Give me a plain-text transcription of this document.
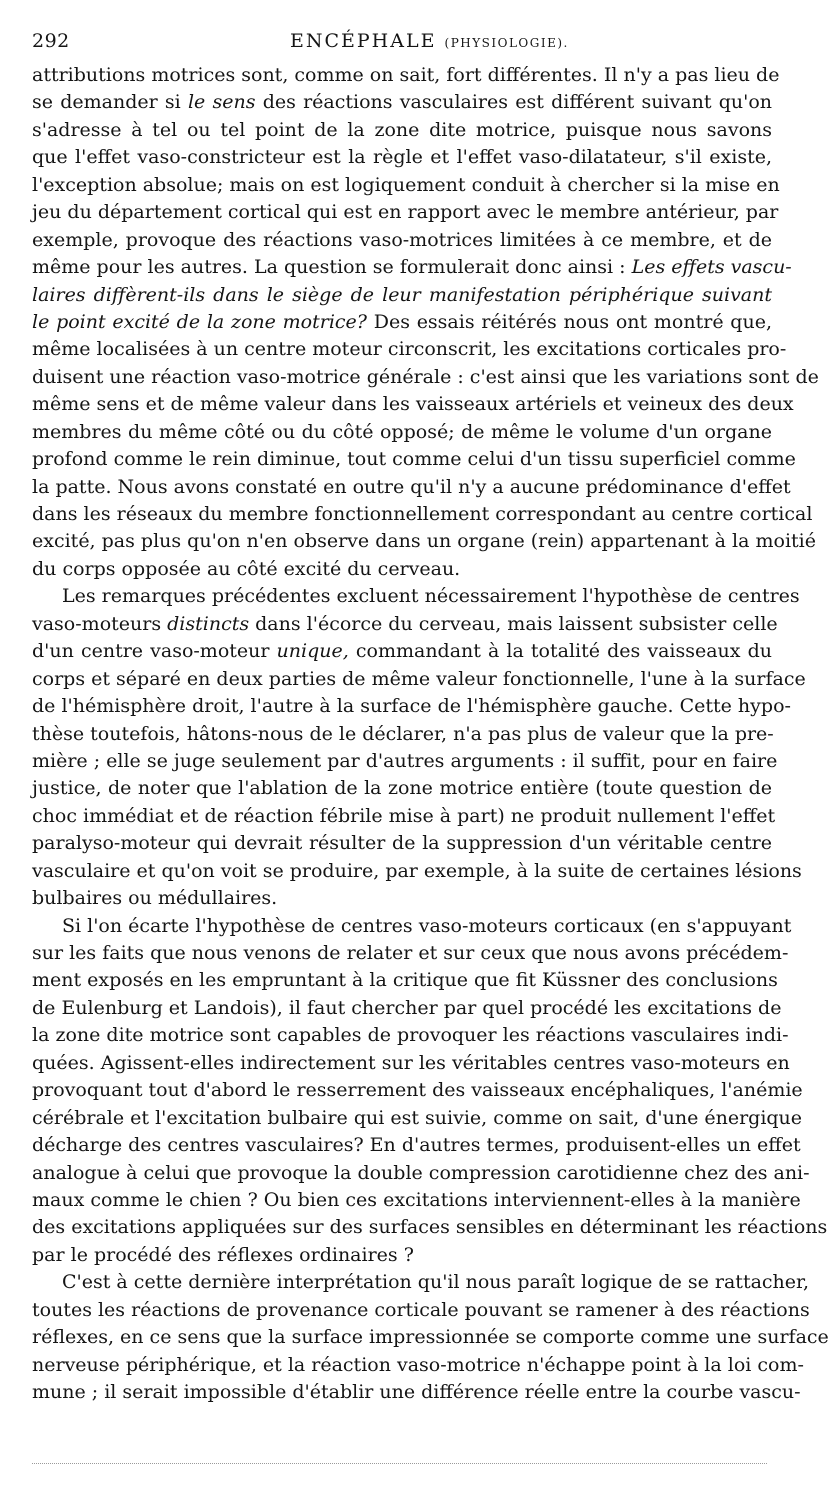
292	ENCÉPHALE (PHYSIOLOGIE).
attributions motrices sont, comme on sait, fort différentes. Il n'y a pas lieu de
se demander si le sens des réactions vasculaires est différent suivant qu'on
s'adresse à tel ou tel point de la zone dite motrice, puisque nous savons
que l'effet vaso-constricteur est la règle et l'effet vaso-dilatateur, s'il existe,
l'exception absolue; mais on est logiquement conduit à chercher si la mise en
jeu du département cortical qui est en rapport avec le membre antérieur, par
exemple, provoque des réactions vaso-motrices limitées à ce membre, et de
même pour les autres. La question se formulerait donc ainsi : Les effets vascu-
laires diffèrent-ils dans le siège de leur manifestation périphérique suivant
le point excité de la zone motrice? Des essais réitérés nous ont montré que,
même localisées à un centre moteur circonscrit, les excitations corticales pro-
duisent une réaction vaso-motrice générale : c'est ainsi que les variations sont de
même sens et de même valeur dans les vaisseaux artériels et veineux des deux
membres du même côté ou du côté opposé; de même le volume d'un organe
profond comme le rein diminue, tout comme celui d'un tissu superficiel comme
la patte. Nous avons constaté en outre qu'il n'y a aucune prédominance d'effet
dans les réseaux du membre fonctionnellement correspondant au centre cortical
excité, pas plus qu'on n'en observe dans un organe (rein) appartenant à la moitié
du corps opposée au côté excité du cerveau.
Les remarques précédentes excluent nécessairement l'hypothèse de centres
vaso-moteurs distincts dans l'écorce du cerveau, mais laissent subsister celle
d'un centre vaso-moteur unique, commandant à la totalité des vaisseaux du
corps et séparé en deux parties de même valeur fonctionnelle, l'une à la surface
de l'hémisphère droit, l'autre à la surface de l'hémisphère gauche. Cette hypo-
thèse toutefois, hâtons-nous de le déclarer, n'a pas plus de valeur que la pre-
mière ; elle se juge seulement par d'autres arguments : il suffit, pour en faire
justice, de noter que l'ablation de la zone motrice entière (toute question de
choc immédiat et de réaction fébrile mise à part) ne produit nullement l'effet
paralyso-moteur qui devrait résulter de la suppression d'un véritable centre
vasculaire et qu'on voit se produire, par exemple, à la suite de certaines lésions
bulbaires ou médullaires.
Si l'on écarte l'hypothèse de centres vaso-moteurs corticaux (en s'appuyant
sur les faits que nous venons de relater et sur ceux que nous avons précédem-
ment exposés en les empruntant à la critique que fit Küssner des conclusions
de Eulenburg et Landois), il faut chercher par quel procédé les excitations de
la zone dite motrice sont capables de provoquer les réactions vasculaires indi-
quées. Agissent-elles indirectement sur les véritables centres vaso-moteurs en
provoquant tout d'abord le resserrement des vaisseaux encéphaliques, l'anémie
cérébrale et l'excitation bulbaire qui est suivie, comme on sait, d'une énergique
décharge des centres vasculaires? En d'autres termes, produisent-elles un effet
analogue à celui que provoque la double compression carotidienne chez des ani-
maux comme le chien ? Ou bien ces excitations interviennent-elles à la manière
des excitations appliquées sur des surfaces sensibles en déterminant les réactions
par le procédé des réflexes ordinaires ?
C'est à cette dernière interprétation qu'il nous paraît logique de se rattacher,
toutes les réactions de provenance corticale pouvant se ramener à des réactions
réflexes, en ce sens que la surface impressionnée se comporte comme une surface
nerveuse périphérique, et la réaction vaso-motrice n'échappe point à la loi com-
mune ; il serait impossible d'établir une différence réelle entre la courbe vascu-
